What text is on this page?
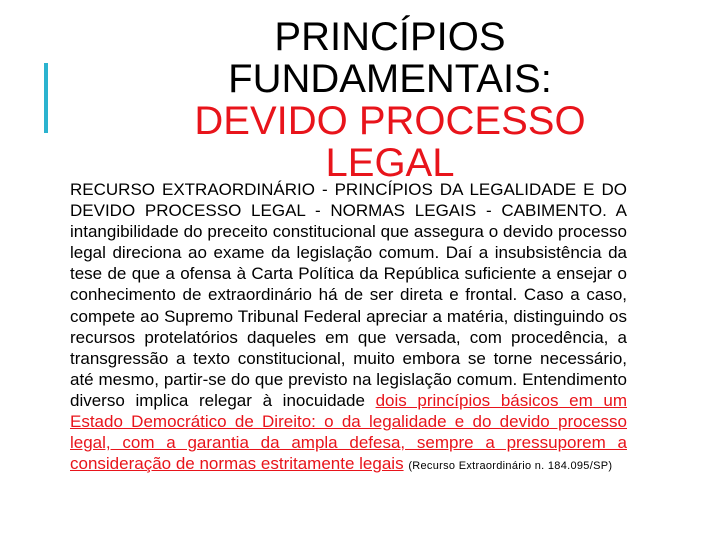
PRINCÍPIOS
FUNDAMENTAIS:
DEVIDO PROCESSO
LEGAL

RECURSO EXTRAORDINÁRIO - PRINCÍPIOS DA LEGALIDADE E DO DEVIDO PROCESSO LEGAL - NORMAS LEGAIS - CABIMENTO. A intangibilidade do preceito constitucional que assegura o devido processo legal direciona ao exame da legislação comum. Daí a insubsistência da tese de que a ofensa à Carta Política da República suficiente a ensejar o conhecimento de extraordinário há de ser direta e frontal. Caso a caso, compete ao Supremo Tribunal Federal apreciar a matéria, distinguindo os recursos protelatórios daqueles em que versada, com procedência, a transgressão a texto constitucional, muito embora se torne necessário, até mesmo, partir-se do que previsto na legislação comum. Entendimento diverso implica relegar à inocuidade dois princípios básicos em um Estado Democrático de Direito: o da legalidade e do devido processo legal, com a garantia da ampla defesa, sempre a pressuporem a consideração de normas estritamente legais (Recurso Extraordinário n. 184.095/SP)
